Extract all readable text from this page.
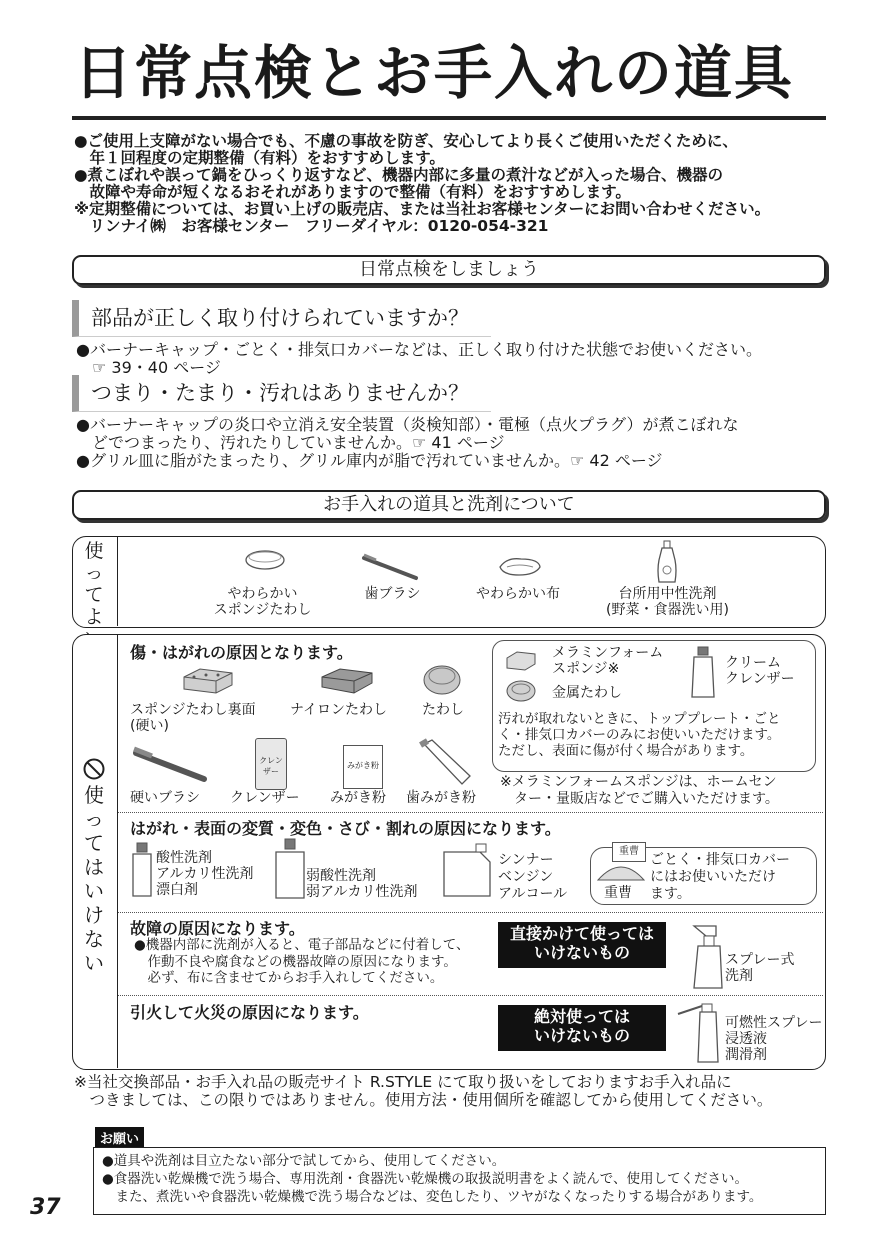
日常点検とお手入れの道具

●ご使用上支障がない場合でも、不慮の事故を防ぎ、安心してより長くご使用いただくために、

　年１回程度の定期整備（有料）をおすすめします。

●煮こぼれや誤って鍋をひっくり返すなど、機器内部に多量の煮汁などが入った場合、機器の

　故障や寿命が短くなるおそれがありますので整備（有料）をおすすめします。

※定期整備については、お買い上げの販売店、または当社お客様センターにお問い合わせください。

　リンナイ㈱　お客様センター　フリーダイヤル：0120-054-321

日常点検をしましょう
部品が正しく取り付けられていますか？

●バーナーキャップ・ごとく・排気口カバーなどは、正しく取り付けた状態でお使いください。

　☞ 39・40 ページ

つまり・たまり・汚れはありませんか？

●バーナーキャップの炎口や立消え安全装置（炎検知部）・電極（点火プラグ）が煮こぼれな

　どでつまったり、汚れたりしていませんか。☞ 41 ページ

●グリル皿に脂がたまったり、グリル庫内が脂で汚れていませんか。☞ 42 ページ

お手入れの道具と洗剤について
使
っ
て
よ
やわらかい
スポンジたわし
歯ブラシ	やわらかい布	台所用中性洗剤
(野菜・食器洗い用)
使
っ
て
は
い
け
な
い
傷・はがれの原因となります。
スポンジたわし裏面
(硬い)
ナイロンたわし たわし
クレンザー
みがき粉
硬いブラシ クレンザー みがき粉 歯みがき粉
メラミンフォーム
スポンジ※
金属たわし
クリーム
クレンザー
汚れが取れないときに、トッププレート・ごと
く・排気口カバーのみにお使いいただけます。
ただし、表面に傷が付く場合があります。
※メラミンフォームスポンジは、ホームセン
　ター・量販店などでご購入いただけます。
はがれ・表面の変質・変色・さび・割れの原因になります。
酸性洗剤
アルカリ性洗剤
漂白剤
弱酸性洗剤
弱アルカリ性洗剤
シンナー
ベンジン
アルコール
重曹
重曹
ごとく・排気口カバー
にはお使いいただけ
ます。
故障の原因になります。
●機器内部に洗剤が入ると、電子部品などに付着して、
　作動不良や腐食などの機器故障の原因になります。
　必ず、布に含ませてからお手入れしてください。
直接かけて使っては
いけないもの	スプレー式
洗剤
引火して火災の原因になります。	絶対使っては
いけないもの
可燃性スプレー
浸透液
潤滑剤
※当社交換部品・お手入れ品の販売サイト R.STYLE にて取り扱いをしておりますお手入れ品に
　つきましては、この限りではありません。使用方法・使用個所を確認してから使用してください。
お願い

●道具や洗剤は目立たない部分で試してから、使用してください。

●食器洗い乾燥機で洗う場合、専用洗剤・食器洗い乾燥機の取扱説明書をよく読んで、使用してください。

　また、煮洗いや食器洗い乾燥機で洗う場合などは、変色したり、ツヤがなくなったりする場合があります。

37
